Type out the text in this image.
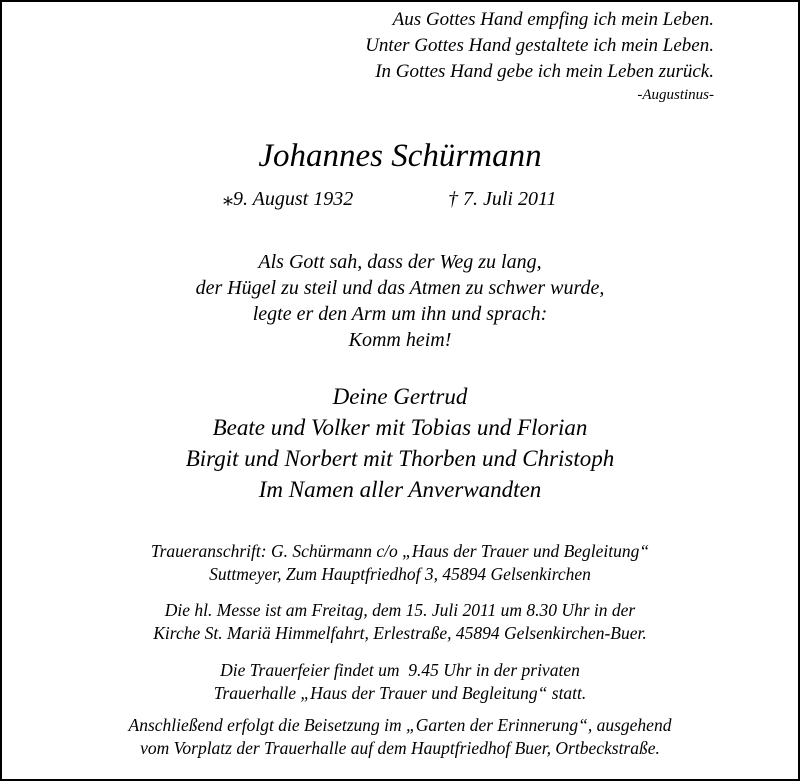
Aus Gottes Hand empfing ich mein Leben.
Unter Gottes Hand gestaltete ich mein Leben.
In Gottes Hand gebe ich mein Leben zurück.
-Augustinus-
Johannes Schürmann
⁎9. August 1932	† 7. Juli 2011
Als Gott sah, dass der Weg zu lang,
der Hügel zu steil und das Atmen zu schwer wurde,
legte er den Arm um ihn und sprach:
Komm heim!
Deine Gertrud
Beate und Volker mit Tobias und Florian
Birgit und Norbert mit Thorben und Christoph
Im Namen aller Anverwandten
Traueranschrift: G. Schürmann c/o „Haus der Trauer und Begleitung“
Suttmeyer, Zum Hauptfriedhof 3, 45894 Gelsenkirchen
Die hl. Messe ist am Freitag, dem 15. Juli 2011 um 8.30 Uhr in der
Kirche St. Mariä Himmelfahrt, Erlestraße, 45894 Gelsenkirchen-Buer.
Die Trauerfeier findet um  9.45 Uhr in der privaten
Trauerhalle „Haus der Trauer und Begleitung“ statt.
Anschließend erfolgt die Beisetzung im „Garten der Erinnerung“, ausgehend
vom Vorplatz der Trauerhalle auf dem Hauptfriedhof Buer, Ortbeckstraße.
